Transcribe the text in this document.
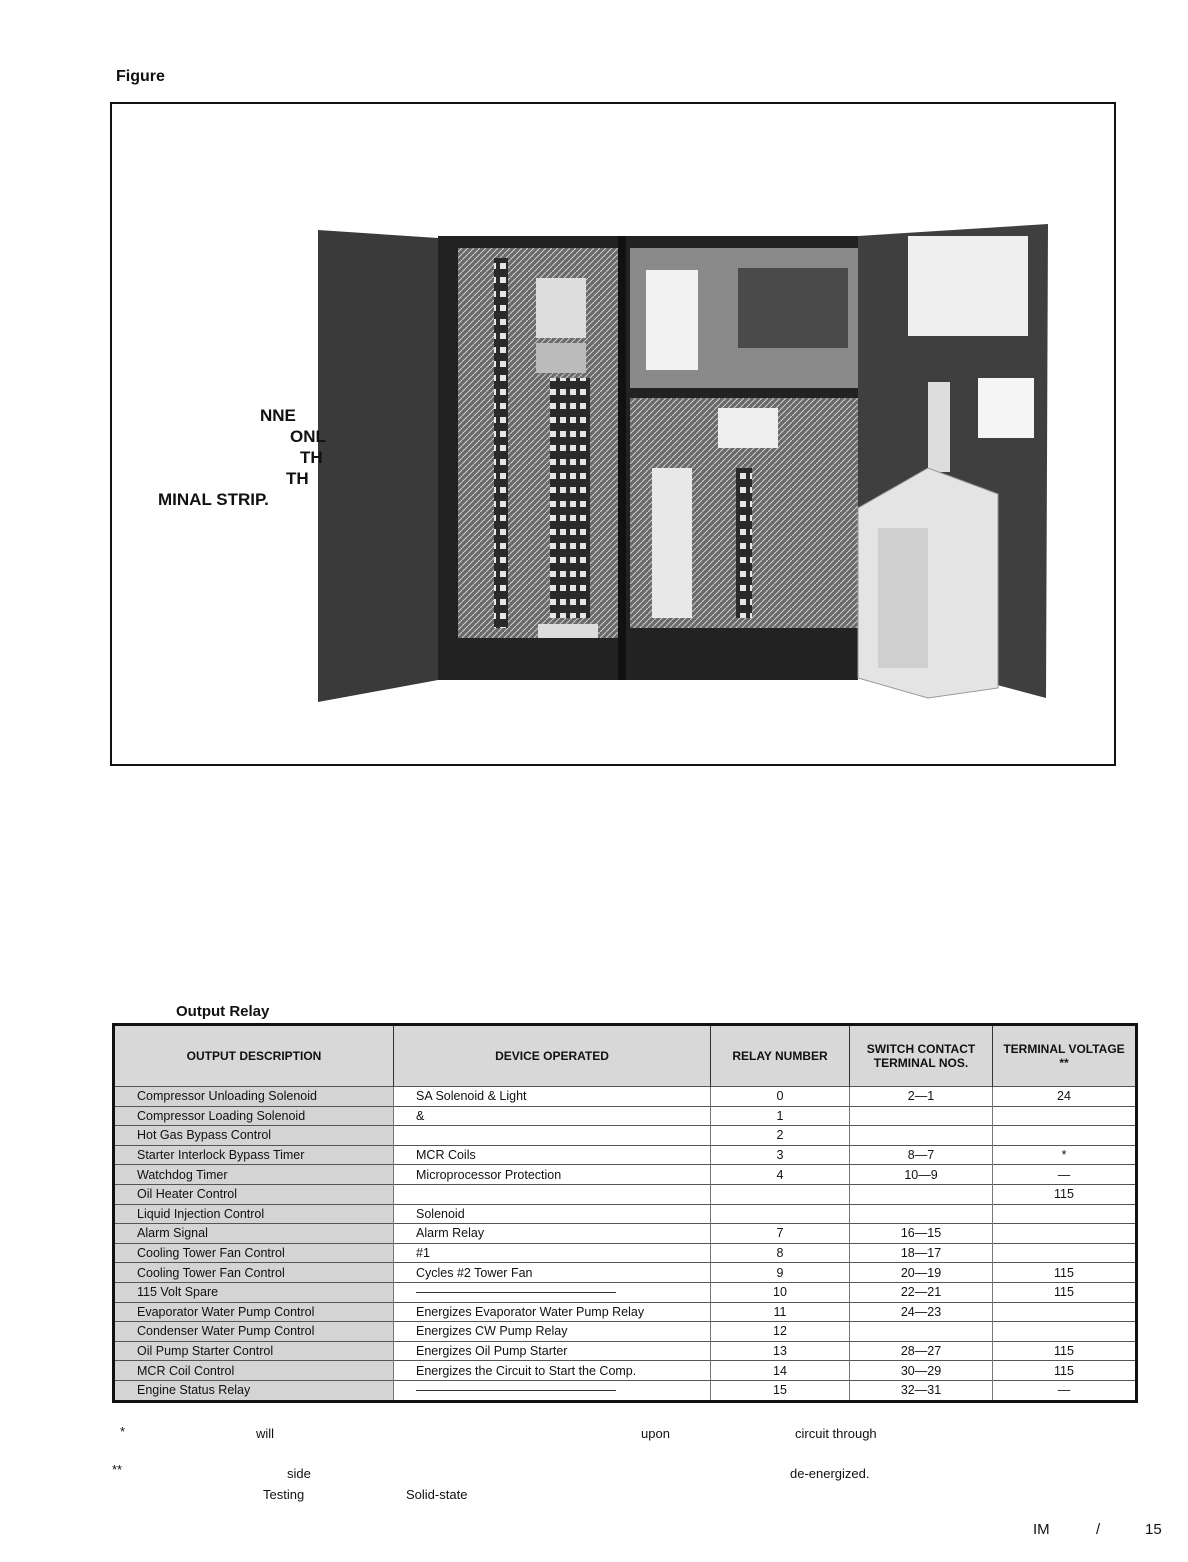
Figure
NNE
ONL
TH
TH
MINAL STRIP.
Output Relay
OUTPUT DESCRIPTION	DEVICE OPERATED	RELAY NUMBER	SWITCH CONTACT TERMINAL NOS.	TERMINAL VOLTAGE
**
Compressor Unloading Solenoid	SA Solenoid & Light	0	2—1	24
Compressor Loading Solenoid	&	1		
Hot Gas Bypass Control		2		
Starter Interlock Bypass Timer	MCR Coils	3	8—7	*
Watchdog Timer	Microprocessor Protection	4	10—9	—
Oil Heater Control				115
Liquid Injection Control	Solenoid			
Alarm Signal	Alarm Relay	7	16—15	
Cooling Tower Fan Control	#1	8	18—17	
Cooling Tower Fan Control	Cycles #2 Tower Fan	9	20—19	115
115 Volt Spare	————————————————	10	22—21	115
Evaporator Water Pump Control	Energizes Evaporator Water Pump Relay	11	24—23	
Condenser Water Pump Control	Energizes CW Pump Relay	12		
Oil Pump Starter Control	Energizes Oil Pump Starter	13	28—27	115
MCR Coil Control	Energizes the Circuit to Start the Comp.	14	30—29	115
Engine Status Relay	————————————————	15	32—31	—
*	will	upon	circuit through
**	side	de-energized.
Testing	Solid-state
IM	/	15
